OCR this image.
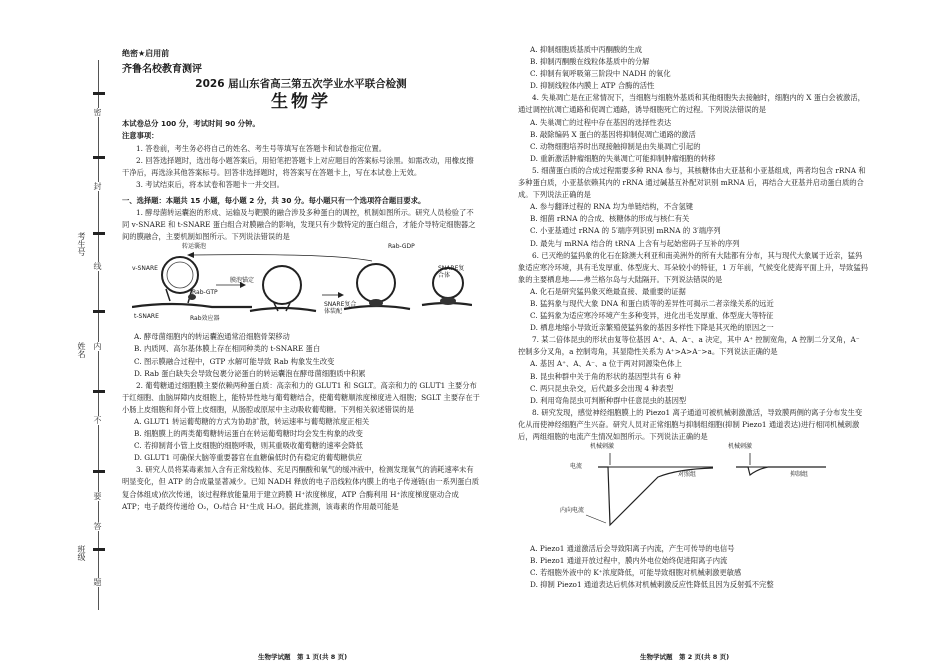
密
封
线
内
不
要
答
题
考生号
姓名
班级

绝密★启用前

齐鲁名校教育测评

2026 届山东省高三第五次学业水平联合检测

生物学

本试卷总分 100 分，考试时间 90 分钟。

注意事项：

1. 答卷前，考生务必将自己的姓名、考生号等填写在答题卡和试卷指定位置。

2. 回答选择题时，选出每小题答案后，用铅笔把答题卡上对应题目的答案标号涂黑。如需改动，用橡皮擦干净后，再选涂其他答案标号。回答非选择题时，将答案写在答题卡上，写在本试卷上无效。

3. 考试结束后，将本试卷和答题卡一并交回。

一、选择题：本题共 15 小题，每小题 2 分，共 30 分。每小题只有一个选项符合题目要求。

1. 酵母菌转运囊泡的形成、运输及与靶膜的融合涉及多种蛋白的调控，机制如图所示。研究人员检验了不同 v-SNARE 和 t-SNARE 蛋白组合对膜融合的影响，发现只有少数特定的蛋白组合，才能介导特定细胞器之间的膜融合，主要机制如图所示。下列说法错误的是

转运囊泡
v-SNARE
Rab-GTP
t-SNARE	Rab效应器
膜泡锚定
Rab-GDP
SNARE复合体装配
SNARE复合体

A. 酵母菌细胞内的转运囊泡通常沿细胞骨架移动

B. 内质网、高尔基体膜上存在相同种类的 t-SNARE 蛋白

C. 图示膜融合过程中，GTP 水解可能导致 Rab 构象发生改变

D. Rab 蛋白缺失会导致包裹分泌蛋白的转运囊泡在酵母菌细胞质中积累

2. 葡萄糖通过细胞膜主要依赖两种蛋白质：高亲和力的 GLUT1 和 SGLT。高亲和力的 GLUT1 主要分布于红细胞、血脑屏障内皮细胞上，能特异性地与葡萄糖结合，使葡萄糖顺浓度梯度进入细胞；SGLT 主要存在于小肠上皮细胞和肾小管上皮细胞，从肠腔或原尿中主动吸收葡萄糖。下列相关叙述错误的是

A. GLUT1 转运葡萄糖的方式为协助扩散，转运速率与葡萄糖浓度正相关

B. 细胞膜上的两类葡萄糖转运蛋白在转运葡萄糖时均会发生构象的改变

C. 若抑制肾小管上皮细胞的细胞呼吸，则其重吸收葡萄糖的速率会降低

D. GLUT1 可确保大脑等重要器官在血糖偏低时仍有稳定的葡萄糖供应

3. 研究人员将某毒素加入含有正常线粒体、充足丙酮酸和氧气的缓冲液中，检测发现氧气的消耗速率未有明显变化，但 ATP 的合成量显著减少。已知 NADH 释放的电子沿线粒体内膜上的电子传递链(由一系列蛋白质复合体组成)依次传递，该过程释放能量用于建立跨膜 H⁺浓度梯度，ATP 合酶利用 H⁺浓度梯度驱动合成 ATP；电子最终传递给 O₂，O₂结合 H⁺生成 H₂O。据此推测，该毒素的作用最可能是

A. 抑制细胞质基质中丙酮酸的生成

B. 抑制丙酮酸在线粒体基质中的分解

C. 抑制有氧呼吸第三阶段中 NADH 的氧化

D. 抑制线粒体内膜上 ATP 合酶的活性

4. 失巢凋亡是在正常情况下，当细胞与细胞外基质和其他细胞失去接触时，细胞内的 X 蛋白会被激活，通过调控抗凋亡通路和促凋亡通路，诱导细胞死亡的过程。下列说法错误的是

A. 失巢凋亡的过程中存在基因的选择性表达

B. 敲除编码 X 蛋白的基因将抑制促凋亡通路的激活

C. 动物细胞培养时出现接触抑制是由失巢凋亡引起的

D. 重新激活肿瘤细胞的失巢凋亡可能抑制肿瘤细胞的转移

5. 细菌蛋白质的合成过程需要多种 RNA 参与，其核糖体由大亚基和小亚基组成，两者均包含 rRNA 和多种蛋白质，小亚基依赖其内的 rRNA 通过碱基互补配对识别 mRNA 后，再结合大亚基并启动蛋白质的合成。下列说法正确的是

A. 参与翻译过程的 RNA 均为单链结构，不含氢键

B. 细菌 rRNA 的合成、核糖体的形成与核仁有关

C. 小亚基通过 rRNA 的 5′端序列识别 mRNA 的 3′端序列

D. 最先与 mRNA 结合的 tRNA 上含有与起始密码子互补的序列

6. 已灭绝的猛犸象的化石在除澳大利亚和南美洲外的所有大陆都有分布，其与现代大象属于近亲，猛犸象适应寒冷环境，具有毛发厚重、体型庞大、耳朵较小的特征，1 万年前，气候变化使海平面上升，导致猛犸象的主要栖息地——弗兰格尔岛与大陆隔开。下列说法错误的是

A. 化石是研究猛犸象灭绝最直接、最重要的证据

B. 猛犸象与现代大象 DNA 和蛋白质等的差异性可揭示二者亲缘关系的远近

C. 猛犸象为适应寒冷环境产生多种变异，进化出毛发厚重、体型庞大等特征

D. 栖息地缩小导致近亲繁殖使猛犸象的基因多样性下降是其灭绝的原因之一

7. 某二倍体昆虫的形状由复等位基因 A⁺、A、A⁻、a 决定，其中 A⁺ 控制宽角，A 控制二分叉角，A⁻ 控制多分叉角，a 控制弯角，其显隐性关系为 A⁺>A>A⁻>a。下列说法正确的是

A. 基因 A⁺、A、A⁻、a 位于两对同源染色体上

B. 昆虫种群中关于角的形状的基因型共有 6 种

C. 两只昆虫杂交，后代最多会出现 4 种表型

D. 利用弯角昆虫可判断种群中任意昆虫的基因型

8. 研究发现，感觉神经细胞膜上的 Piezo1 离子通道可被机械刺激激活，导致膜两侧的离子分布发生变化从而使神经细胞产生兴奋。研究人员对正常细胞与抑制组细胞(抑制 Piezo1 通道表达)进行相同机械刺激后，两组细胞的电流产生情况如图所示。下列说法正确的是

机械刺激	机械刺激
电流
对照组	抑制组
内向电流

A. Piezo1 通道激活后会导致阳离子内流，产生可传导的电信号

B. Piezo1 通道开放过程中，膜内外电位始终促进阳离子内流

C. 若细胞外液中的 K⁺浓度降低，可能导致细胞对机械刺激更敏感

D. 抑制 Piezo1 通道表达后机体对机械刺激反应性降低且因为反射弧不完整

生物学试题　第 1 页(共 8 页)	生物学试题　第 2 页(共 8 页)
